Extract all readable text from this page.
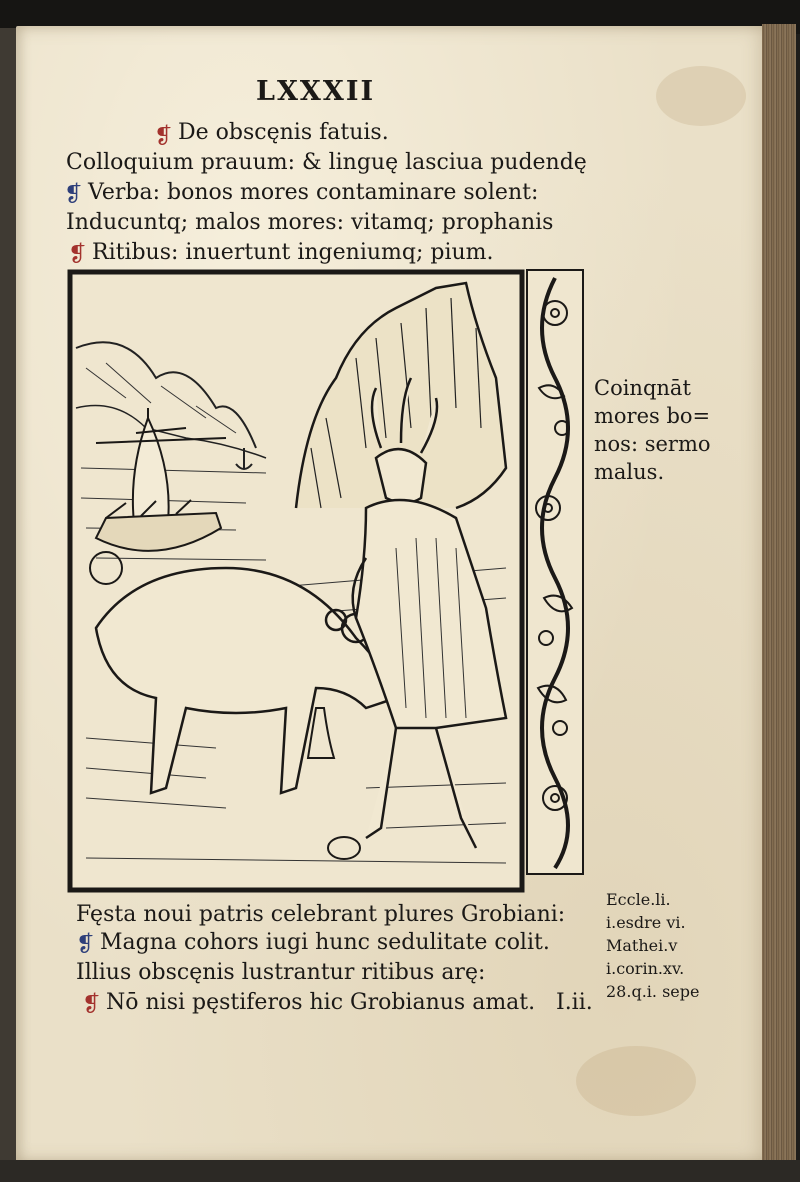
LXXXII
❡ De obscęnis fatuis.
Colloquium prauum: & linguę lasciua pudendę
❡ Verba: bonos mores contaminare solent:
Inducuntq; malos mores: vitamq; prophanis
❡ Ritibus: inuertunt ingeniumq; pium.
Coinqnāt
mores bo=
nos: sermo
malus.
Fęsta noui patris celebrant plures Grobiani:
❡ Magna cohors iugi hunc sedulitate colit.
Illius obscęnis lustrantur ritibus arę:
❡ Nō nisi pęstiferos hic Grobianus amat. I.ii.
Eccle.li.
i.esdre vi.
Mathei.v
i.corin.xv.
28.q.i. sepe
